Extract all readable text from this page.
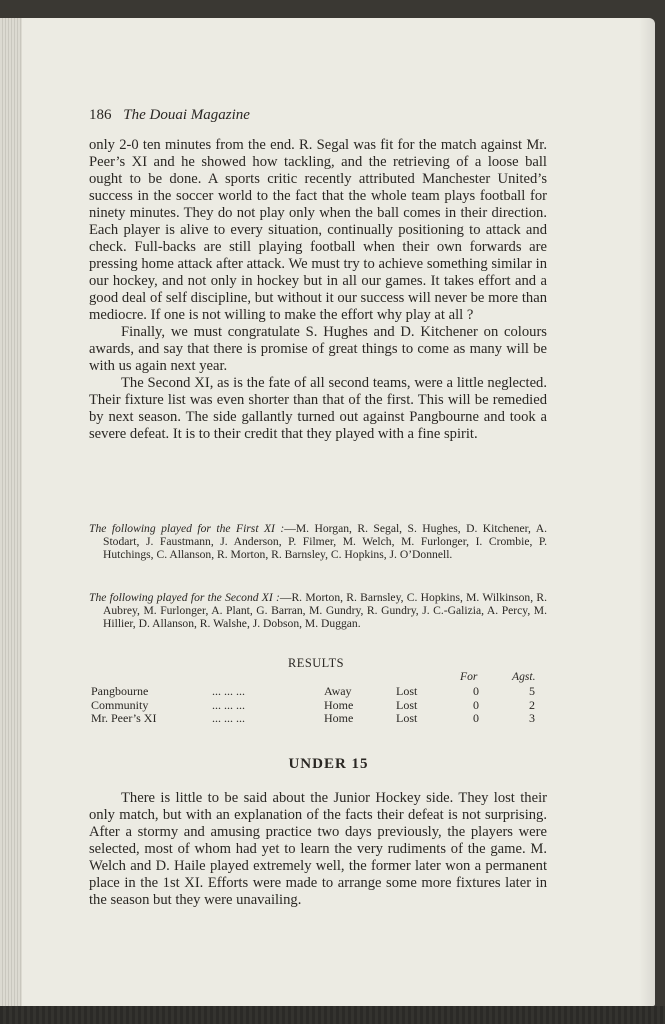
186 The Douai Magazine

only 2-0 ten minutes from the end. R. Segal was fit for the match against Mr. Peer’s XI and he showed how tackling, and the retrieving of a loose ball ought to be done. A sports critic recently attributed Manchester United’s success in the soccer world to the fact that the whole team plays football for ninety minutes. They do not play only when the ball comes in their direction. Each player is alive to every situation, continually positioning to attack and check. Full-backs are still playing football when their own forwards are pressing home attack after attack. We must try to achieve something similar in our hockey, and not only in hockey but in all our games. It takes effort and a good deal of self discipline, but without it our success will never be more than mediocre. If one is not willing to make the effort why play at all ?

Finally, we must congratulate S. Hughes and D. Kitchener on colours awards, and say that there is promise of great things to come as many will be with us again next year.

The Second XI, as is the fate of all second teams, were a little neglected. Their fixture list was even shorter than that of the first. This will be remedied by next season. The side gallantly turned out against Pangbourne and took a severe defeat. It is to their credit that they played with a fine spirit.

The following played for the First XI :—M. Horgan, R. Segal, S. Hughes, D. Kitchener, A. Stodart, J. Faustmann, J. Anderson, P. Filmer, M. Welch, M. Furlonger, I. Crombie, P. Hutchings, C. Allanson, R. Morton, R. Barnsley, C. Hopkins, J. O’Donnell.

The following played for the Second XI :—R. Morton, R. Barnsley, C. Hopkins, M. Wilkinson, R. Aubrey, M. Furlonger, A. Plant, G. Barran, M. Gundry, R. Gundry, J. C.-Galizia, A. Percy, M. Hillier, D. Allanson, R. Walshe, J. Dobson, M. Duggan.

RESULTS
For	Agst.
Pangbourne	... ... ...	Away	Lost	0	5
Community	... ... ...	Home	Lost	0	2
Mr. Peer’s XI	... ... ...	Home	Lost	0	3
UNDER 15

There is little to be said about the Junior Hockey side. They lost their only match, but with an explanation of the facts their defeat is not surprising. After a stormy and amusing practice two days previously, the players were selected, most of whom had yet to learn the very rudiments of the game. M. Welch and D. Haile played extremely well, the former later won a permanent place in the 1st XI. Efforts were made to arrange some more fixtures later in the season but they were unavailing.
